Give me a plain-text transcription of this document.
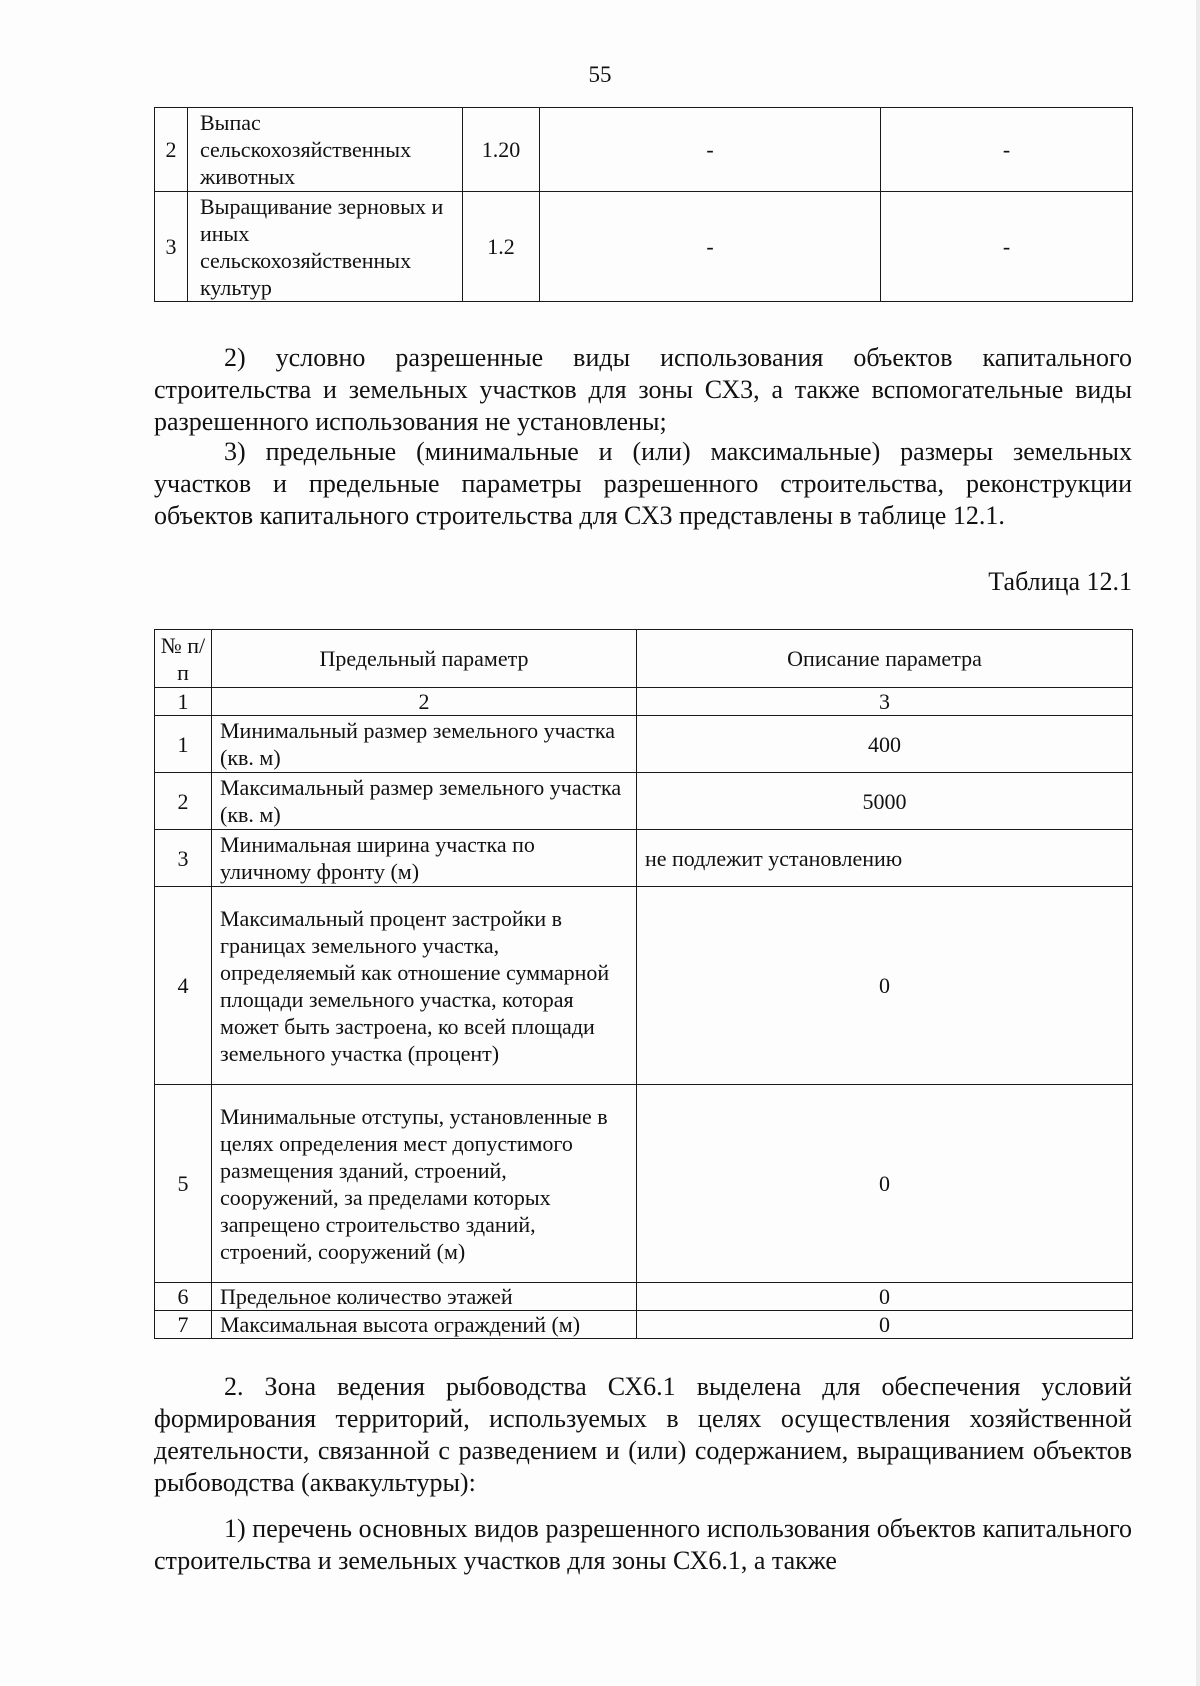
55
2	Выпас сельскохозяйственных животных	1.20	-	-
3	Выращивание зерновых и иных сельскохозяйственных культур	1.2	-	-

2) условно разрешенные виды использования объектов капитального строительства и земельных участков для зоны СХ3, а также вспомогательные виды разрешенного использования не установлены;

3) предельные (минимальные и (или) максимальные) размеры земельных участков и предельные параметры разрешенного строительства, реконструкции объектов капитального строительства для СХ3 представлены в таблице 12.1.

Таблица 12.1
№ п/п	Предельный параметр	Описание параметра
1	2	3
1	Минимальный размер земельного участка (кв. м)	400
2	Максимальный размер земельного участка (кв. м)	5000
3	Минимальная ширина участка по уличному фронту (м)	не подлежит установлению
4	Максимальный процент застройки в границах земельного участка, определяемый как отношение суммарной площади земельного участка, которая может быть застроена, ко всей площади земельного участка (процент)	0
5	Минимальные отступы, установленные в целях определения мест допустимого размещения зданий, строений, сооружений, за пределами которых запрещено строительство зданий, строений, сооружений (м)	0
6	Предельное количество этажей	0
7	Максимальная высота ограждений (м)	0

2. Зона ведения рыбоводства СХ6.1 выделена для обеспечения условий формирования территорий, используемых в целях осуществления хозяйственной деятельности, связанной с разведением и (или) содержанием, выращиванием объектов рыбоводства (аквакультуры):

1) перечень основных видов разрешенного использования объектов капитального строительства и земельных участков для зоны СХ6.1, а также
